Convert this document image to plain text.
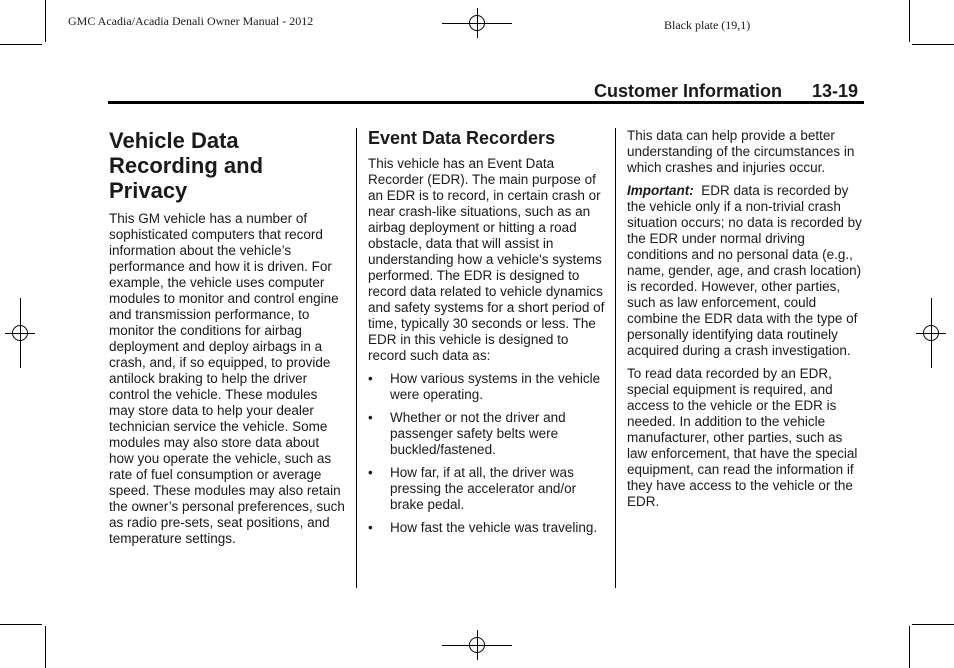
GMC Acadia/Acadia Denali Owner Manual - 2012	Black plate (19,1)
Customer Information 13-19
Vehicle Data Recording and Privacy

This GM vehicle has a number of sophisticated computers that record information about the vehicle’s performance and how it is driven. For example, the vehicle uses computer modules to monitor and control engine and transmission performance, to monitor the conditions for airbag deployment and deploy airbags in a crash, and, if so equipped, to provide antilock braking to help the driver control the vehicle. These modules may store data to help your dealer technician service the vehicle. Some modules may also store data about how you operate the vehicle, such as rate of fuel consumption or average speed. These modules may also retain the owner’s personal preferences, such as radio pre-sets, seat positions, and temperature settings.

Event Data Recorders

This vehicle has an Event Data Recorder (EDR). The main purpose of an EDR is to record, in certain crash or near crash-like situations, such as an airbag deployment or hitting a road obstacle, data that will assist in understanding how a vehicle's systems performed. The EDR is designed to record data related to vehicle dynamics and safety systems for a short period of time, typically 30 seconds or less. The EDR in this vehicle is designed to record such data as:

• How various systems in the vehicle were operating.
• Whether or not the driver and passenger safety belts were buckled/fastened.
• How far, if at all, the driver was pressing the accelerator and/or brake pedal.
• How fast the vehicle was traveling.

This data can help provide a better understanding of the circumstances in which crashes and injuries occur.

Important: EDR data is recorded by the vehicle only if a non-trivial crash situation occurs; no data is recorded by the EDR under normal driving conditions and no personal data (e.g., name, gender, age, and crash location) is recorded. However, other parties, such as law enforcement, could combine the EDR data with the type of personally identifying data routinely acquired during a crash investigation.

To read data recorded by an EDR, special equipment is required, and access to the vehicle or the EDR is needed. In addition to the vehicle manufacturer, other parties, such as law enforcement, that have the special equipment, can read the information if they have access to the vehicle or the EDR.
